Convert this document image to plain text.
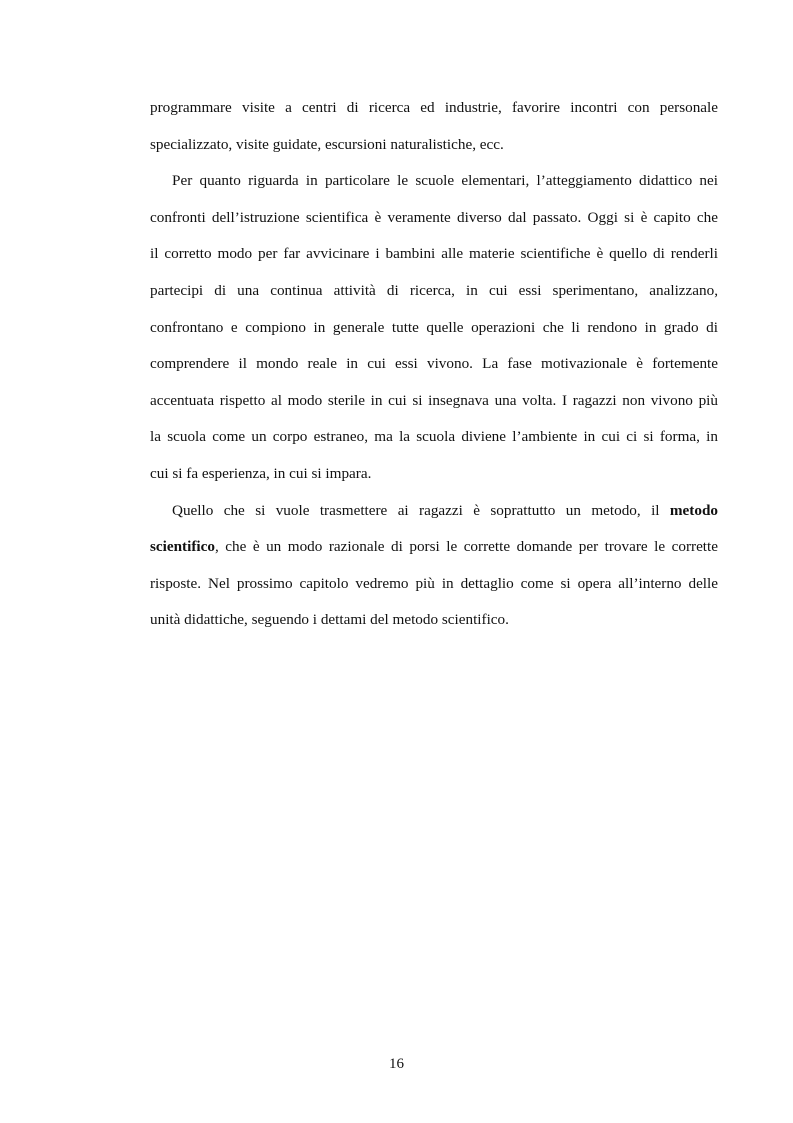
programmare visite a centri di ricerca ed industrie, favorire incontri con personale
specializzato, visite guidate, escursioni naturalistiche, ecc.
Per quanto riguarda in particolare le scuole elementari, l’atteggiamento didattico nei
confronti dell’istruzione scientifica è veramente diverso dal passato. Oggi si è capito che
il corretto modo per far avvicinare i bambini alle materie scientifiche è quello di renderli
partecipi di una continua attività di ricerca, in cui essi sperimentano, analizzano,
confrontano e compiono in generale tutte quelle operazioni che li rendono in grado di
comprendere il mondo reale in cui essi vivono. La fase motivazionale è fortemente
accentuata rispetto al modo sterile in cui si insegnava una volta. I ragazzi non vivono più
la scuola come un corpo estraneo, ma la scuola diviene l’ambiente in cui ci si forma, in
cui si fa esperienza, in cui si impara.
Quello che si vuole trasmettere ai ragazzi è soprattutto un metodo, il metodo
scientifico, che è un modo razionale di porsi le corrette domande per trovare le corrette
risposte. Nel prossimo capitolo vedremo più in dettaglio come si opera all’interno delle
unità didattiche, seguendo i dettami del metodo scientifico.
16
